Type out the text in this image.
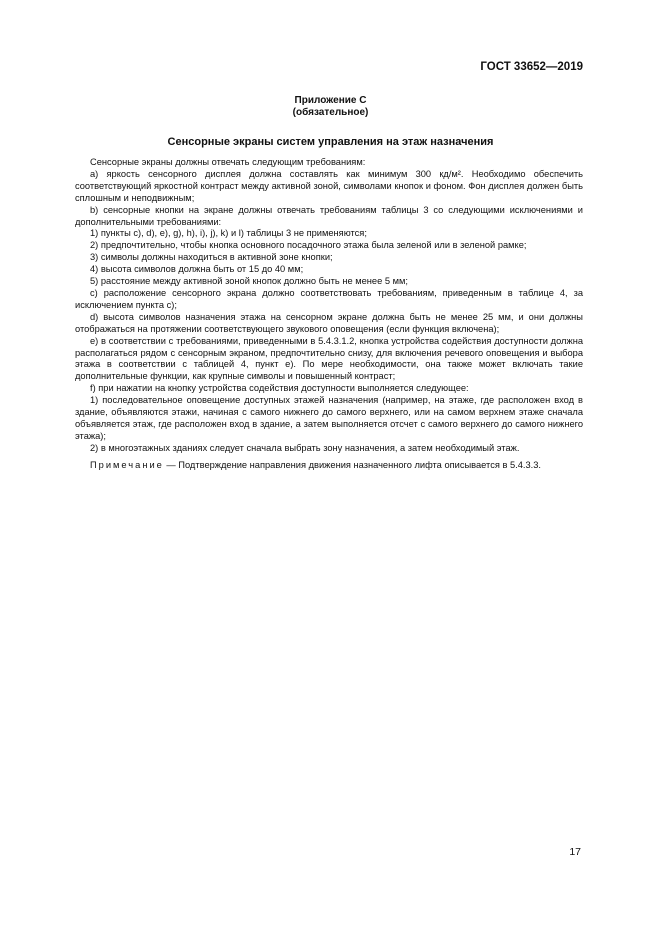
ГОСТ 33652—2019
Приложение С
(обязательное)
Сенсорные экраны систем управления на этаж назначения

Сенсорные экраны должны отвечать следующим требованиям:

a) яркость сенсорного дисплея должна составлять как минимум 300 кд/м². Необходимо обеспечить соответствующий яркостной контраст между активной зоной, символами кнопок и фоном. Фон дисплея должен быть сплошным и неподвижным;

b) сенсорные кнопки на экране должны отвечать требованиям таблицы 3 со следующими исключениями и дополнительными требованиями:

1) пункты c), d), e), g), h), i), j), k) и l) таблицы 3 не применяются;

2) предпочтительно, чтобы кнопка основного посадочного этажа была зеленой или в зеленой рамке;

3) символы должны находиться в активной зоне кнопки;

4) высота символов должна быть от 15 до 40 мм;

5) расстояние между активной зоной кнопок должно быть не менее 5 мм;

c) расположение сенсорного экрана должно соответствовать требованиям, приведенным в таблице 4, за исключением пункта c);

d) высота символов назначения этажа на сенсорном экране должна быть не менее 25 мм, и они должны отображаться на протяжении соответствующего звукового оповещения (если функция включена);

e) в соответствии с требованиями, приведенными в 5.4.3.1.2, кнопка устройства содействия доступности должна располагаться рядом с сенсорным экраном, предпочтительно снизу, для включения речевого оповещения и выбора этажа в соответствии с таблицей 4, пункт e). По мере необходимости, она также может включать такие дополнительные функции, как крупные символы и повышенный контраст;

f) при нажатии на кнопку устройства содействия доступности выполняется следующее:

1) последовательное оповещение доступных этажей назначения (например, на этаже, где расположен вход в здание, объявляются этажи, начиная с самого нижнего до самого верхнего, или на самом верхнем этаже сначала объявляется этаж, где расположен вход в здание, а затем выполняется отсчет с самого верхнего до самого нижнего этажа);

2) в многоэтажных зданиях следует сначала выбрать зону назначения, а затем необходимый этаж.

Примечание — Подтверждение направления движения назначенного лифта описывается в 5.4.3.3.

17
